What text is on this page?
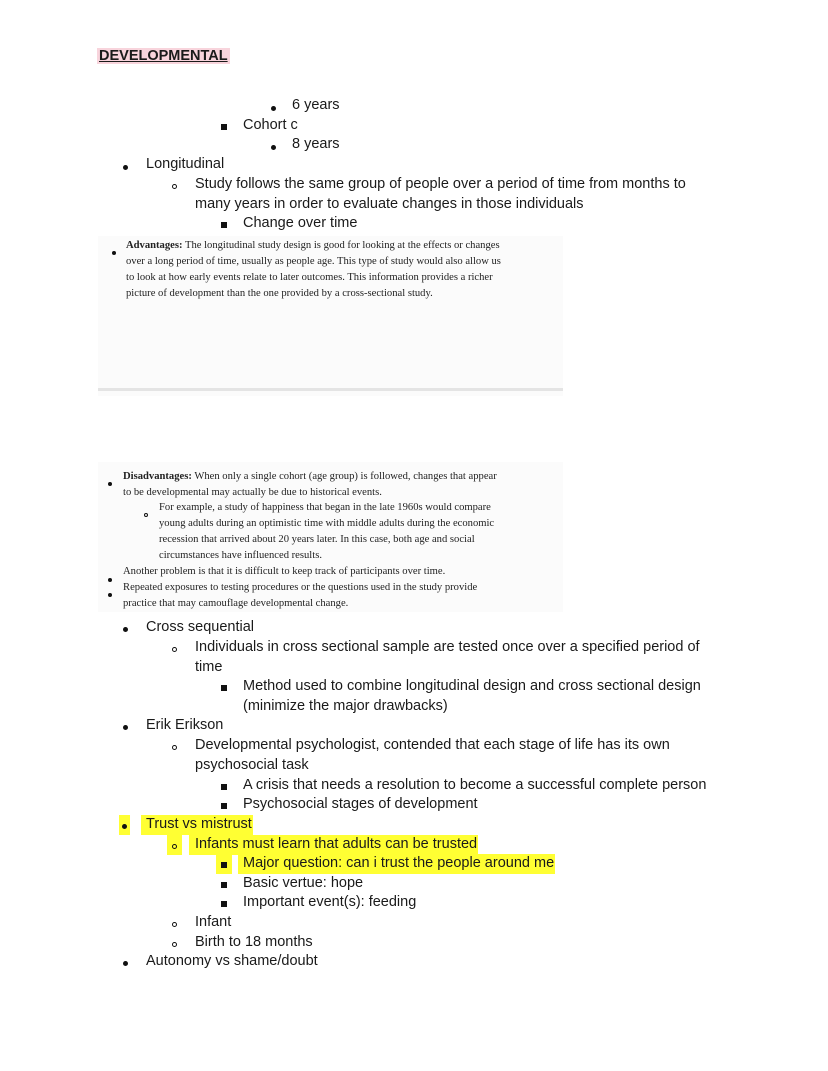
DEVELOPMENTAL
6 years
Cohort c
8 years
Longitudinal
Study follows the same group of people over a period of time from months to
many years in order to evaluate changes in those individuals
Change over time
Advantages: The longitudinal study design is good for looking at the effects or changes
over a long period of time, usually as people age. This type of study would also allow us
to look at how early events relate to later outcomes. This information provides a richer
picture of development than the one provided by a cross-sectional study.
Disadvantages: When only a single cohort (age group) is followed, changes that appear
to be developmental may actually be due to historical events.
For example, a study of happiness that began in the late 1960s would compare
young adults during an optimistic time with middle adults during the economic
recession that arrived about 20 years later. In this case, both age and social
circumstances have influenced results.
Another problem is that it is difficult to keep track of participants over time.
Repeated exposures to testing procedures or the questions used in the study provide
practice that may camouflage developmental change.
Cross sequential
Individuals in cross sectional sample are tested once over a specified period of
time
Method used to combine longitudinal design and cross sectional design
(minimize the major drawbacks)
Erik Erikson
Developmental psychologist, contended that each stage of life has its own
psychosocial task
A crisis that needs a resolution to become a successful complete person
Psychosocial stages of development
Trust vs mistrust
Infants must learn that adults can be trusted
Major question: can i trust the people around me
Basic vertue: hope
Important event(s): feeding
Infant
Birth to 18 months
Autonomy vs shame/doubt
